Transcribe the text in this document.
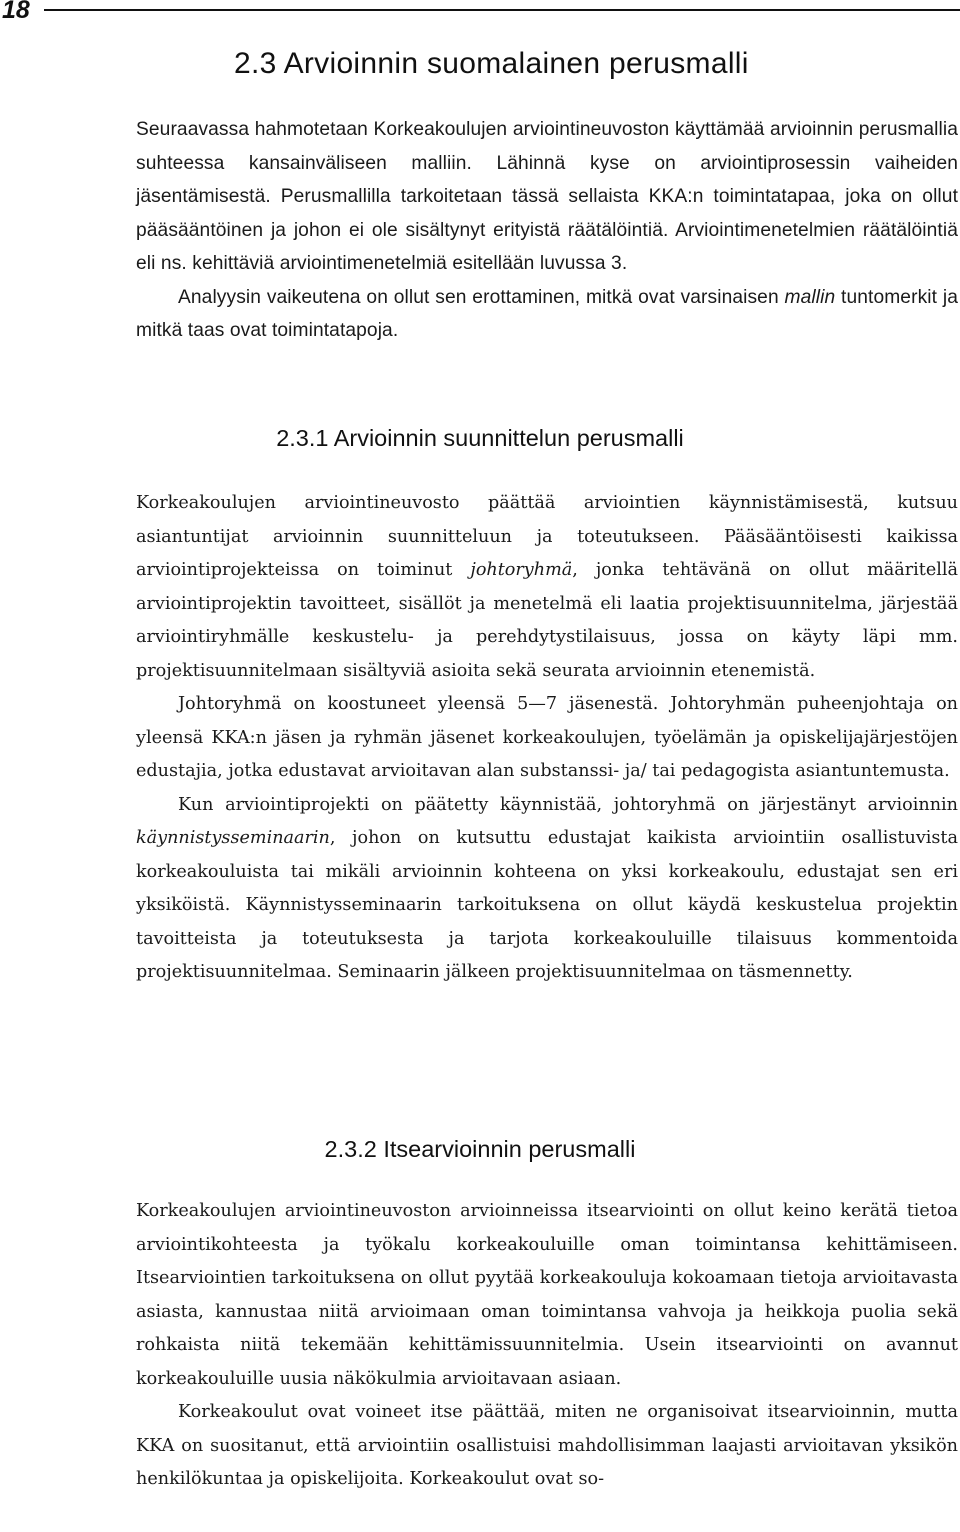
18
2.3 Arvioinnin suomalainen perusmalli

Seuraavassa hahmotetaan Korkeakoulujen arviointineuvoston käyttämää arvioinnin perusmallia suhteessa kansainväliseen malliin. Lähinnä kyse on arviointiprosessin vaiheiden jäsentämisestä. Perusmallilla tarkoitetaan tässä sellaista KKA:n toimintatapaa, joka on ollut pääsääntöinen ja johon ei ole sisältynyt erityistä räätälöintiä. Arviointimenetelmien räätälöintiä eli ns. kehittäviä arviointimenetelmiä esitellään luvussa 3.

Analyysin vaikeutena on ollut sen erottaminen, mitkä ovat varsinaisen mallin tuntomerkit ja mitkä taas ovat toimintatapoja.

2.3.1 Arvioinnin suunnittelun perusmalli

Korkeakoulujen arviointineuvosto päättää arviointien käynnistämisestä, kutsuu asiantuntijat arvioinnin suunnitteluun ja toteutukseen. Pääsääntöisesti kaikissa arviointiprojekteissa on toiminut johtoryhmä, jonka tehtävänä on ollut määritellä arviointiprojektin tavoitteet, sisällöt ja menetelmä eli laatia projektisuunnitelma, järjestää arviointiryhmälle keskustelu- ja perehdytystilaisuus, jossa on käyty läpi mm. projektisuunnitelmaan sisältyviä asioita sekä seurata arvioinnin etenemistä.

Johtoryhmä on koostuneet yleensä 5—7 jäsenestä. Johtoryhmän puheenjohtaja on yleensä KKA:n jäsen ja ryhmän jäsenet korkeakoulujen, työelämän ja opiskelijajärjestöjen edustajia, jotka edustavat arvioitavan alan substanssi- ja/ tai pedagogista asiantuntemusta.

Kun arviointiprojekti on päätetty käynnistää, johtoryhmä on järjestänyt arvioinnin käynnistysseminaarin, johon on kutsuttu edustajat kaikista arviointiin osallistuvista korkeakouluista tai mikäli arvioinnin kohteena on yksi korkeakoulu, edustajat sen eri yksiköistä. Käynnistysseminaarin tarkoituksena on ollut käydä keskustelua projektin tavoitteista ja toteutuksesta ja tarjota korkeakouluille tilaisuus kommentoida projektisuunnitelmaa. Seminaarin jälkeen projektisuunnitelmaa on täsmennetty.

2.3.2 Itsearvioinnin perusmalli

Korkeakoulujen arviointineuvoston arvioinneissa itsearviointi on ollut keino kerätä tietoa arviointikohteesta ja työkalu korkeakouluille oman toimintansa kehittämiseen. Itsearviointien tarkoituksena on ollut pyytää korkeakouluja kokoamaan tietoja arvioitavasta asiasta, kannustaa niitä arvioimaan oman toimintansa vahvoja ja heikkoja puolia sekä rohkaista niitä tekemään kehittämissuunnitelmia. Usein itsearviointi on avannut korkeakouluille uusia näkökulmia arvioitavaan asiaan.

Korkeakoulut ovat voineet itse päättää, miten ne organisoivat itsearvioinnin, mutta KKA on suositanut, että arviointiin osallistuisi mahdollisimman laajasti arvioitavan yksikön henkilökuntaa ja opiskelijoita. Korkeakoulut ovat so-
